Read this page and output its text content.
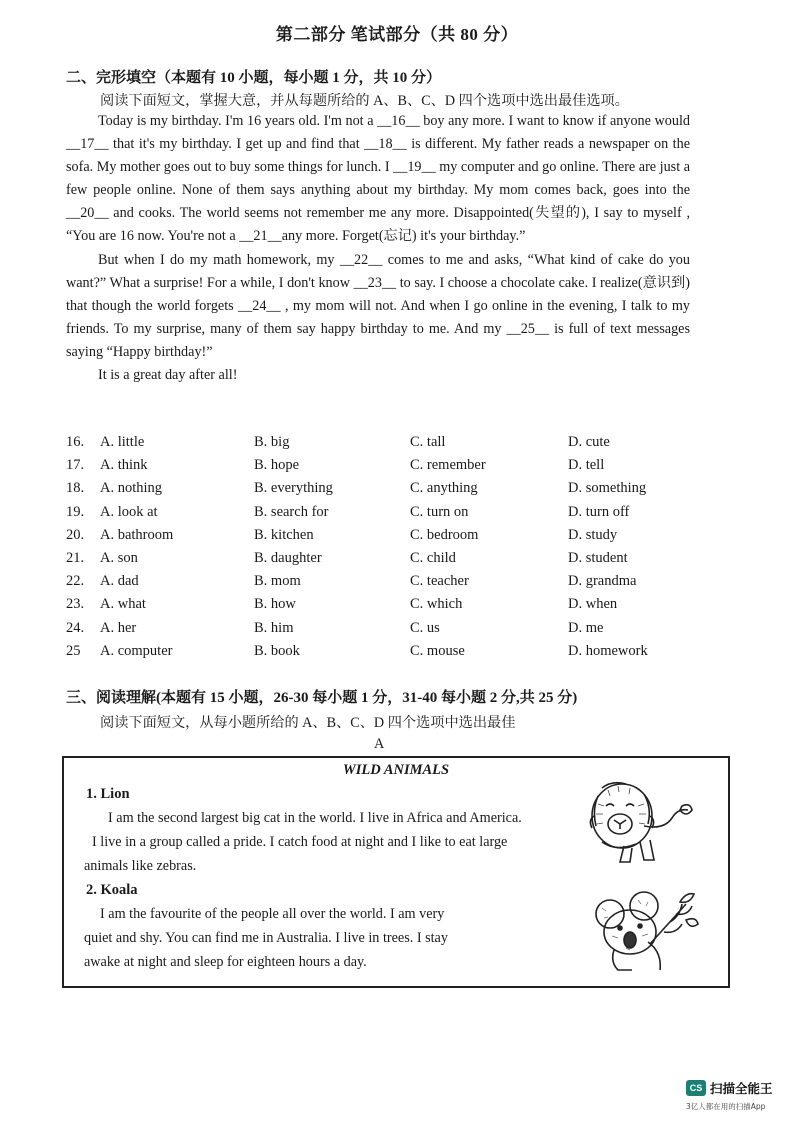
第二部分 笔试部分（共 80 分）
二、完形填空（本题有 10 小题，每小题 1 分，共 10 分）
阅读下面短文，掌握大意，并从每题所给的 A、B、C、D 四个选项中选出最佳选项。

Today is my birthday. I'm 16 years old. I'm not a __16__ boy any more. I want to know if anyone would __17__ that it's my birthday. I get up and find that __18__ is different. My father reads a newspaper on the sofa. My mother goes out to buy some things for lunch. I __19__ my computer and go online. There are just a few people online. None of them says anything about my birthday. My mom comes back, goes into the __20__ and cooks. The world seems not remember me any more. Disappointed(失望的), I say to myself , “You are 16 now. You're not a __21__any more. Forget(忘记) it's your birthday.”

But when I do my math homework, my __22__ comes to me and asks, “What kind of cake do you want?” What a surprise! For a while, I don't know __23__ to say. I choose a chocolate cake. I realize(意识到) that though the world forgets __24__ , my mom will not. And when I go online in the evening, I talk to my friends. To my surprise, many of them say happy birthday to me. And my __25__ is full of text messages saying “Happy birthday!”

It is a great day after all!

16. A. little	B. big	C. tall	D. cute
17. A. think	B. hope	C. remember	D. tell
18. A. nothing	B. everything	C. anything	D. something
19. A. look at	B. search for	C. turn on	D. turn off
20. A. bathroom	B. kitchen	C. bedroom	D. study
21. A. son	B. daughter	C. child	D. student
22. A. dad	B. mom	C. teacher	D. grandma
23. A. what	B. how	C. which	D. when
24. A. her	B. him	C. us	D. me
25 A. computer	B. book	C. mouse	D. homework
三、阅读理解(本题有 15 小题，26-30 每小题 1 分，31-40 每小题 2 分,共 25 分)
阅读下面短文，从每小题所给的 A、B、C、D 四个选项中选出最佳
A
WILD ANIMALS
1. Lion
I am the second largest big cat in the world. I live in Africa and America.
I live in a group called a pride. I catch food at night and I like to eat large
animals like zebras.
2. Koala
I am the favourite of the people all over the world. I am very
quiet and shy. You can find me in Australia. I live in trees. I stay
awake at night and sleep for eighteen hours a day.
CS 扫描全能王
3亿人都在用的扫描App
